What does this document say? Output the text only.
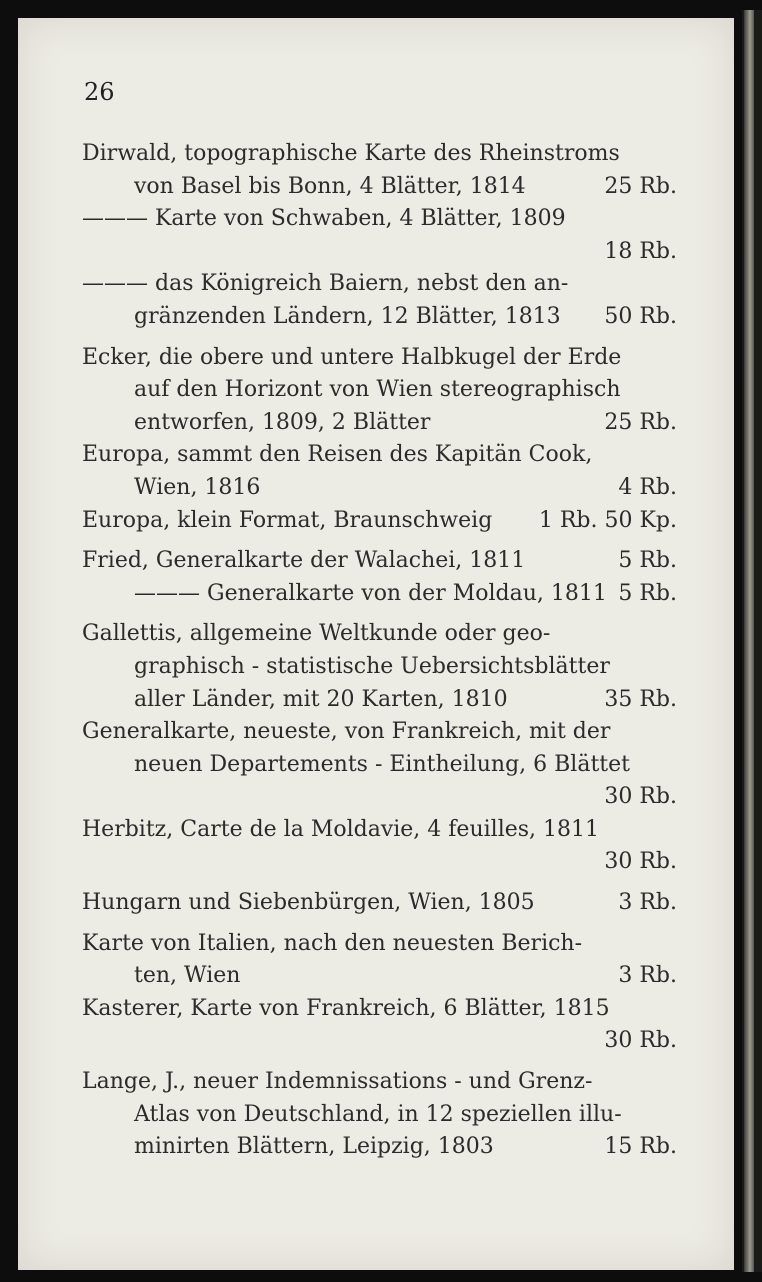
26
Dirwald, topographische Karte des Rheinstroms
von Basel bis Bonn, 4 Blätter, 1814	25 Rb.
——— Karte von Schwaben, 4 Blätter, 1809
18 Rb.
——— das Königreich Baiern, nebst den an-
gränzenden Ländern, 12 Blätter, 1813 50 Rb.
Ecker, die obere und untere Halbkugel der Erde
auf den Horizont von Wien stereographisch
entworfen, 1809, 2 Blätter	25 Rb.
Europa, sammt den Reisen des Kapitän Cook,
Wien, 1816	4 Rb.
Europa, klein Format, Braunschweig 1 Rb. 50 Kp.
Fried, Generalkarte der Walachei, 1811	5 Rb.
——— Generalkarte von der Moldau, 1811 5 Rb.
Gallettis, allgemeine Weltkunde oder geo-
graphisch - statistische Uebersichtsblätter
aller Länder, mit 20 Karten, 1810	35 Rb.
Generalkarte, neueste, von Frankreich, mit der
neuen Departements - Eintheilung, 6 Blättet
30 Rb.
Herbitz, Carte de la Moldavie, 4 feuilles, 1811
30 Rb.
Hungarn und Siebenbürgen, Wien, 1805	3 Rb.
Karte von Italien, nach den neuesten Berich-
ten, Wien	3 Rb.
Kasterer, Karte von Frankreich, 6 Blätter, 1815
30 Rb.
Lange, J., neuer Indemnissations - und Grenz-
Atlas von Deutschland, in 12 speziellen illu-
minirten Blättern, Leipzig, 1803	15 Rb.
